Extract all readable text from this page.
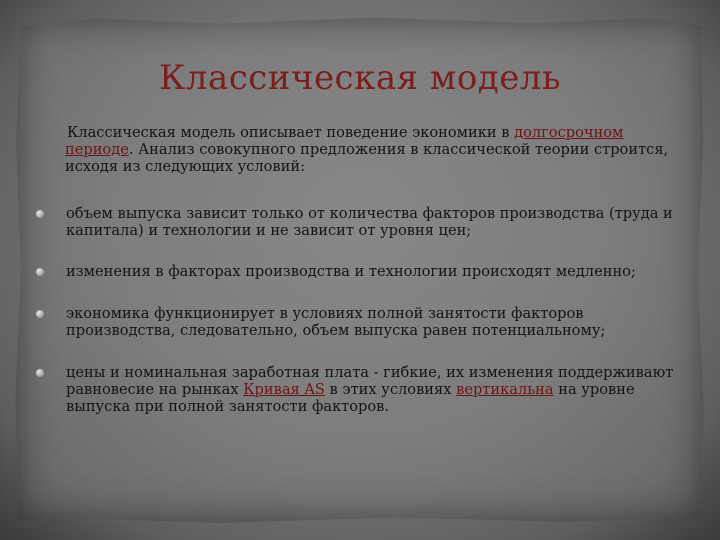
Классическая модель

Классическая модель описывает поведение экономики в долгосрочном периоде. Анализ совокупного предложения в классической теории строится, исходя из следующих условий:

объем выпуска зависит только от количества факторов производства (труда и капитала) и технологии и не зависит от уровня цен;
изменения в факторах производства и технологии происходят медленно;
экономика функционирует в условиях полной занятости факторов производства, следовательно, объем выпуска равен потенциальному;
цены и номинальная заработная плата - гибкие, их изменения поддерживают равновесие на рынках Кривая AS в этих условиях вертикальна на уровне выпуска при полной занятости факторов.
